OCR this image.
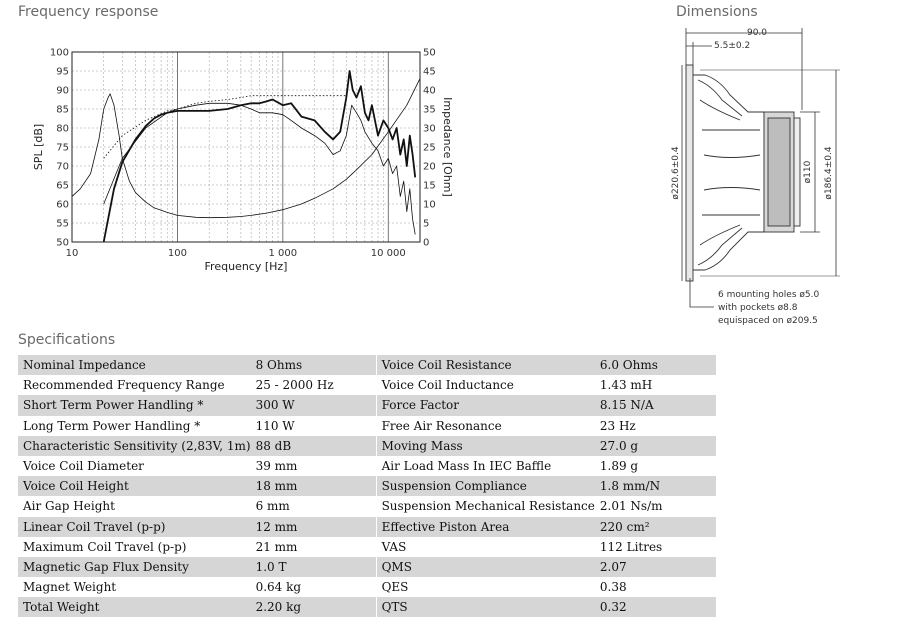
Frequency response
50
55
60
65
70
75
80
85
90
95
100
0
5
10
15
20
25
30
35
40
45
50
10	100	1 000	10 000
Frequency [Hz]
SPL [dB]	Impedance [Ohm]
Dimensions
90.0
5.5±0.2
ø220.6±0.4	ø110 ø186.4±0.4
6 mounting holes ø5.0
with pockets ø8.8
equispaced on ø209.5
Specifications
Nominal Impedance	8 Ohms	Voice Coil Resistance	6.0 Ohms
Recommended Frequency Range	25 - 2000 Hz	Voice Coil Inductance	1.43 mH
Short Term Power Handling *	300 W	Force Factor	8.15 N/A
Long Term Power Handling *	110 W	Free Air Resonance	23 Hz
Characteristic Sensitivity (2,83V, 1m)	88 dB	Moving Mass	27.0 g
Voice Coil Diameter	39 mm	Air Load Mass In IEC Baffle	1.89 g
Voice Coil Height	18 mm	Suspension Compliance	1.8 mm/N
Air Gap Height	6 mm	Suspension Mechanical Resistance	2.01 Ns/m
Linear Coil Travel (p-p)	12 mm	Effective Piston Area	220 cm²
Maximum Coil Travel (p-p)	21 mm	VAS	112 Litres
Magnetic Gap Flux Density	1.0 T	QMS	2.07
Magnet Weight	0.64 kg	QES	0.38
Total Weight	2.20 kg	QTS	0.32
